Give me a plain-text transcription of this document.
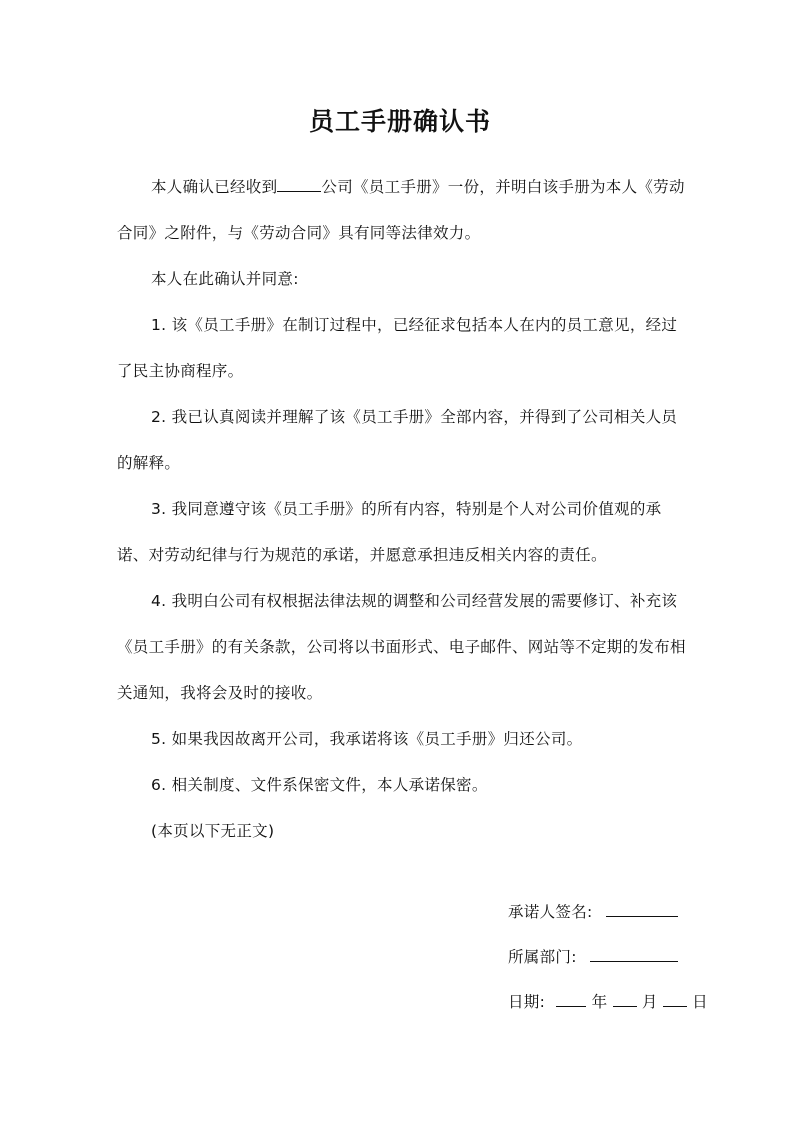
员工手册确认书

本人确认已经收到	公司《员工手册》一份，并明白该手册为本人《劳动合同》之附件，与《劳动合同》具有同等法律效力。

本人在此确认并同意:

1. 该《员工手册》在制订过程中，已经征求包括本人在内的员工意见，经过了民主协商程序。

2. 我已认真阅读并理解了该《员工手册》全部内容，并得到了公司相关人员的解释。

3. 我同意遵守该《员工手册》的所有内容，特别是个人对公司价值观的承诺、对劳动纪律与行为规范的承诺，并愿意承担违反相关内容的责任。

4. 我明白公司有权根据法律法规的调整和公司经营发展的需要修订、补充该《员工手册》的有关条款，公司将以书面形式、电子邮件、网站等不定期的发布相关通知，我将会及时的接收。

5. 如果我因故离开公司，我承诺将该《员工手册》归还公司。

6. 相关制度、文件系保密文件，本人承诺保密。

(本页以下无正文)

承诺人签名:
所属部门:
日期:	年 月 日
